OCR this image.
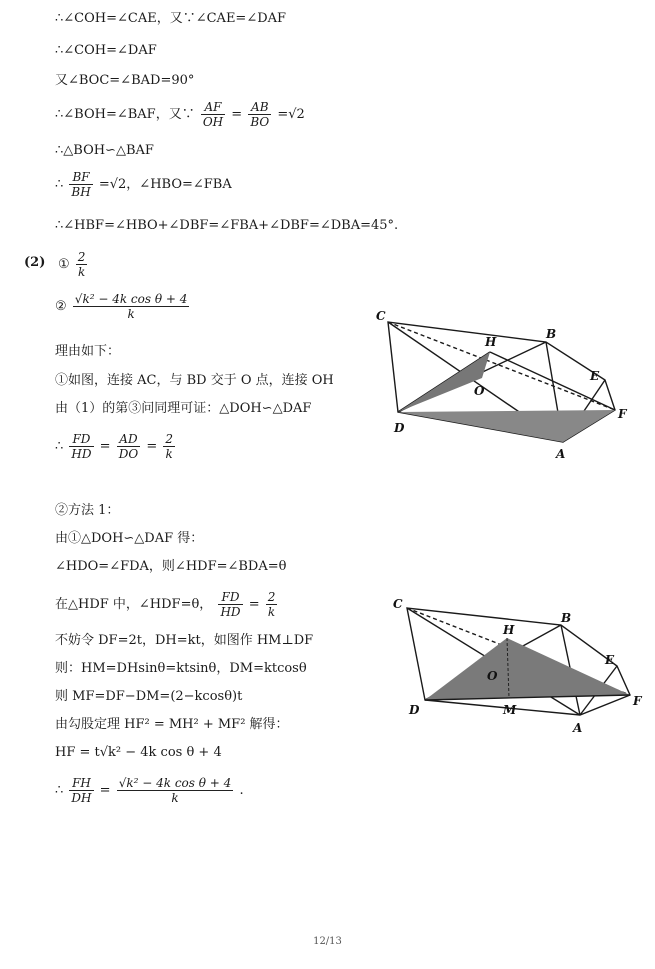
∴∠COH=∠CAE，又∵∠CAE=∠DAF
∴∠COH=∠DAF
又∠BOC=∠BAD=90°
∴∠BOH=∠BAF，又∵ $\frac{AF}{OH} = \frac{AB}{BO} =√2$
∴△BOH∽△BAF
∴ $\frac{BF}{BH} =√2$，∠HBO=∠FBA
∴∠HBF=∠HBO+∠DBF=∠FBA+∠DBF=∠DBA=45°.
(2) ① $\frac{2}{k}$
② $\frac{\text{√k² − 4k cos θ + 4}}{k}$
理由如下：
①如图，连接 AC，与 BD 交于 O 点，连接 OH
由（1）的第③问同理可证：△DOH∽△DAF
∴ $\frac{FD}{HD} = \frac{AD}{DO} = \frac{2}{k}$
②方法 1：
由①△DOH∽△DAF 得：
∠HDO=∠FDA，则∠HDF=∠BDA=θ
在△HDF 中，∠HDF=θ， $\frac{FD}{HD} = \frac{2}{k}$
不妨令 DF=2t，DH=kt，如图作 HM⊥DF
则：HM=DHsinθ=ktsinθ，DM=ktcosθ
则 MF=DF−DM=(2−kcosθ)t
由勾股定理 HF² = MH² + MF² 解得：
HF = t√k² − 4k cos θ + 4
∴ $\frac{FH}{DH} = \frac{\text{√k² − 4k cos θ + 4}}{k}$ .
C
B
H
O
E
F
D
A
C
B
H
O
E
F
D
A
M
12/13
